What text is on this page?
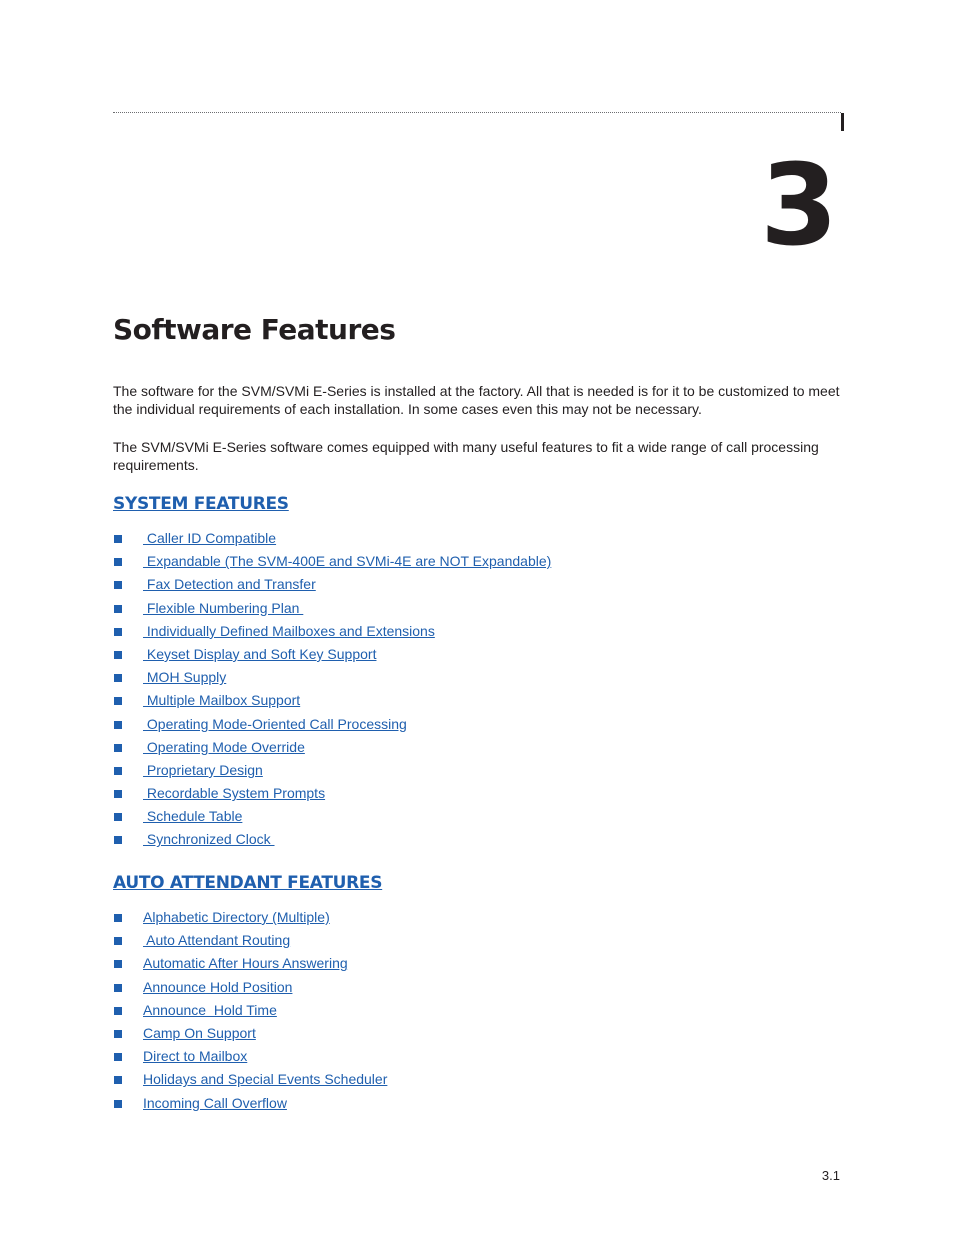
3
Software Features

The software for the SVM/SVMi E-Series is installed at the factory. All that is needed is for it to be customized to meet the individual requirements of each installation. In some cases even this may not be necessary.

The SVM/SVMi E-Series software comes equipped with many useful features to fit a wide range of call processing requirements.

SYSTEM FEATURES
Caller ID Compatible
Expandable (The SVM-400E and SVMi-4E are NOT Expandable)
Fax Detection and Transfer
Flexible Numbering Plan
Individually Defined Mailboxes and Extensions
Keyset Display and Soft Key Support
MOH Supply
Multiple Mailbox Support
Operating Mode-Oriented Call Processing
Operating Mode Override
Proprietary Design
Recordable System Prompts
Schedule Table
Synchronized Clock
AUTO ATTENDANT FEATURES
Alphabetic Directory (Multiple)
Auto Attendant Routing
Automatic After Hours Answering
Announce Hold Position
Announce  Hold Time
Camp On Support
Direct to Mailbox
Holidays and Special Events Scheduler
Incoming Call Overflow
3.1
